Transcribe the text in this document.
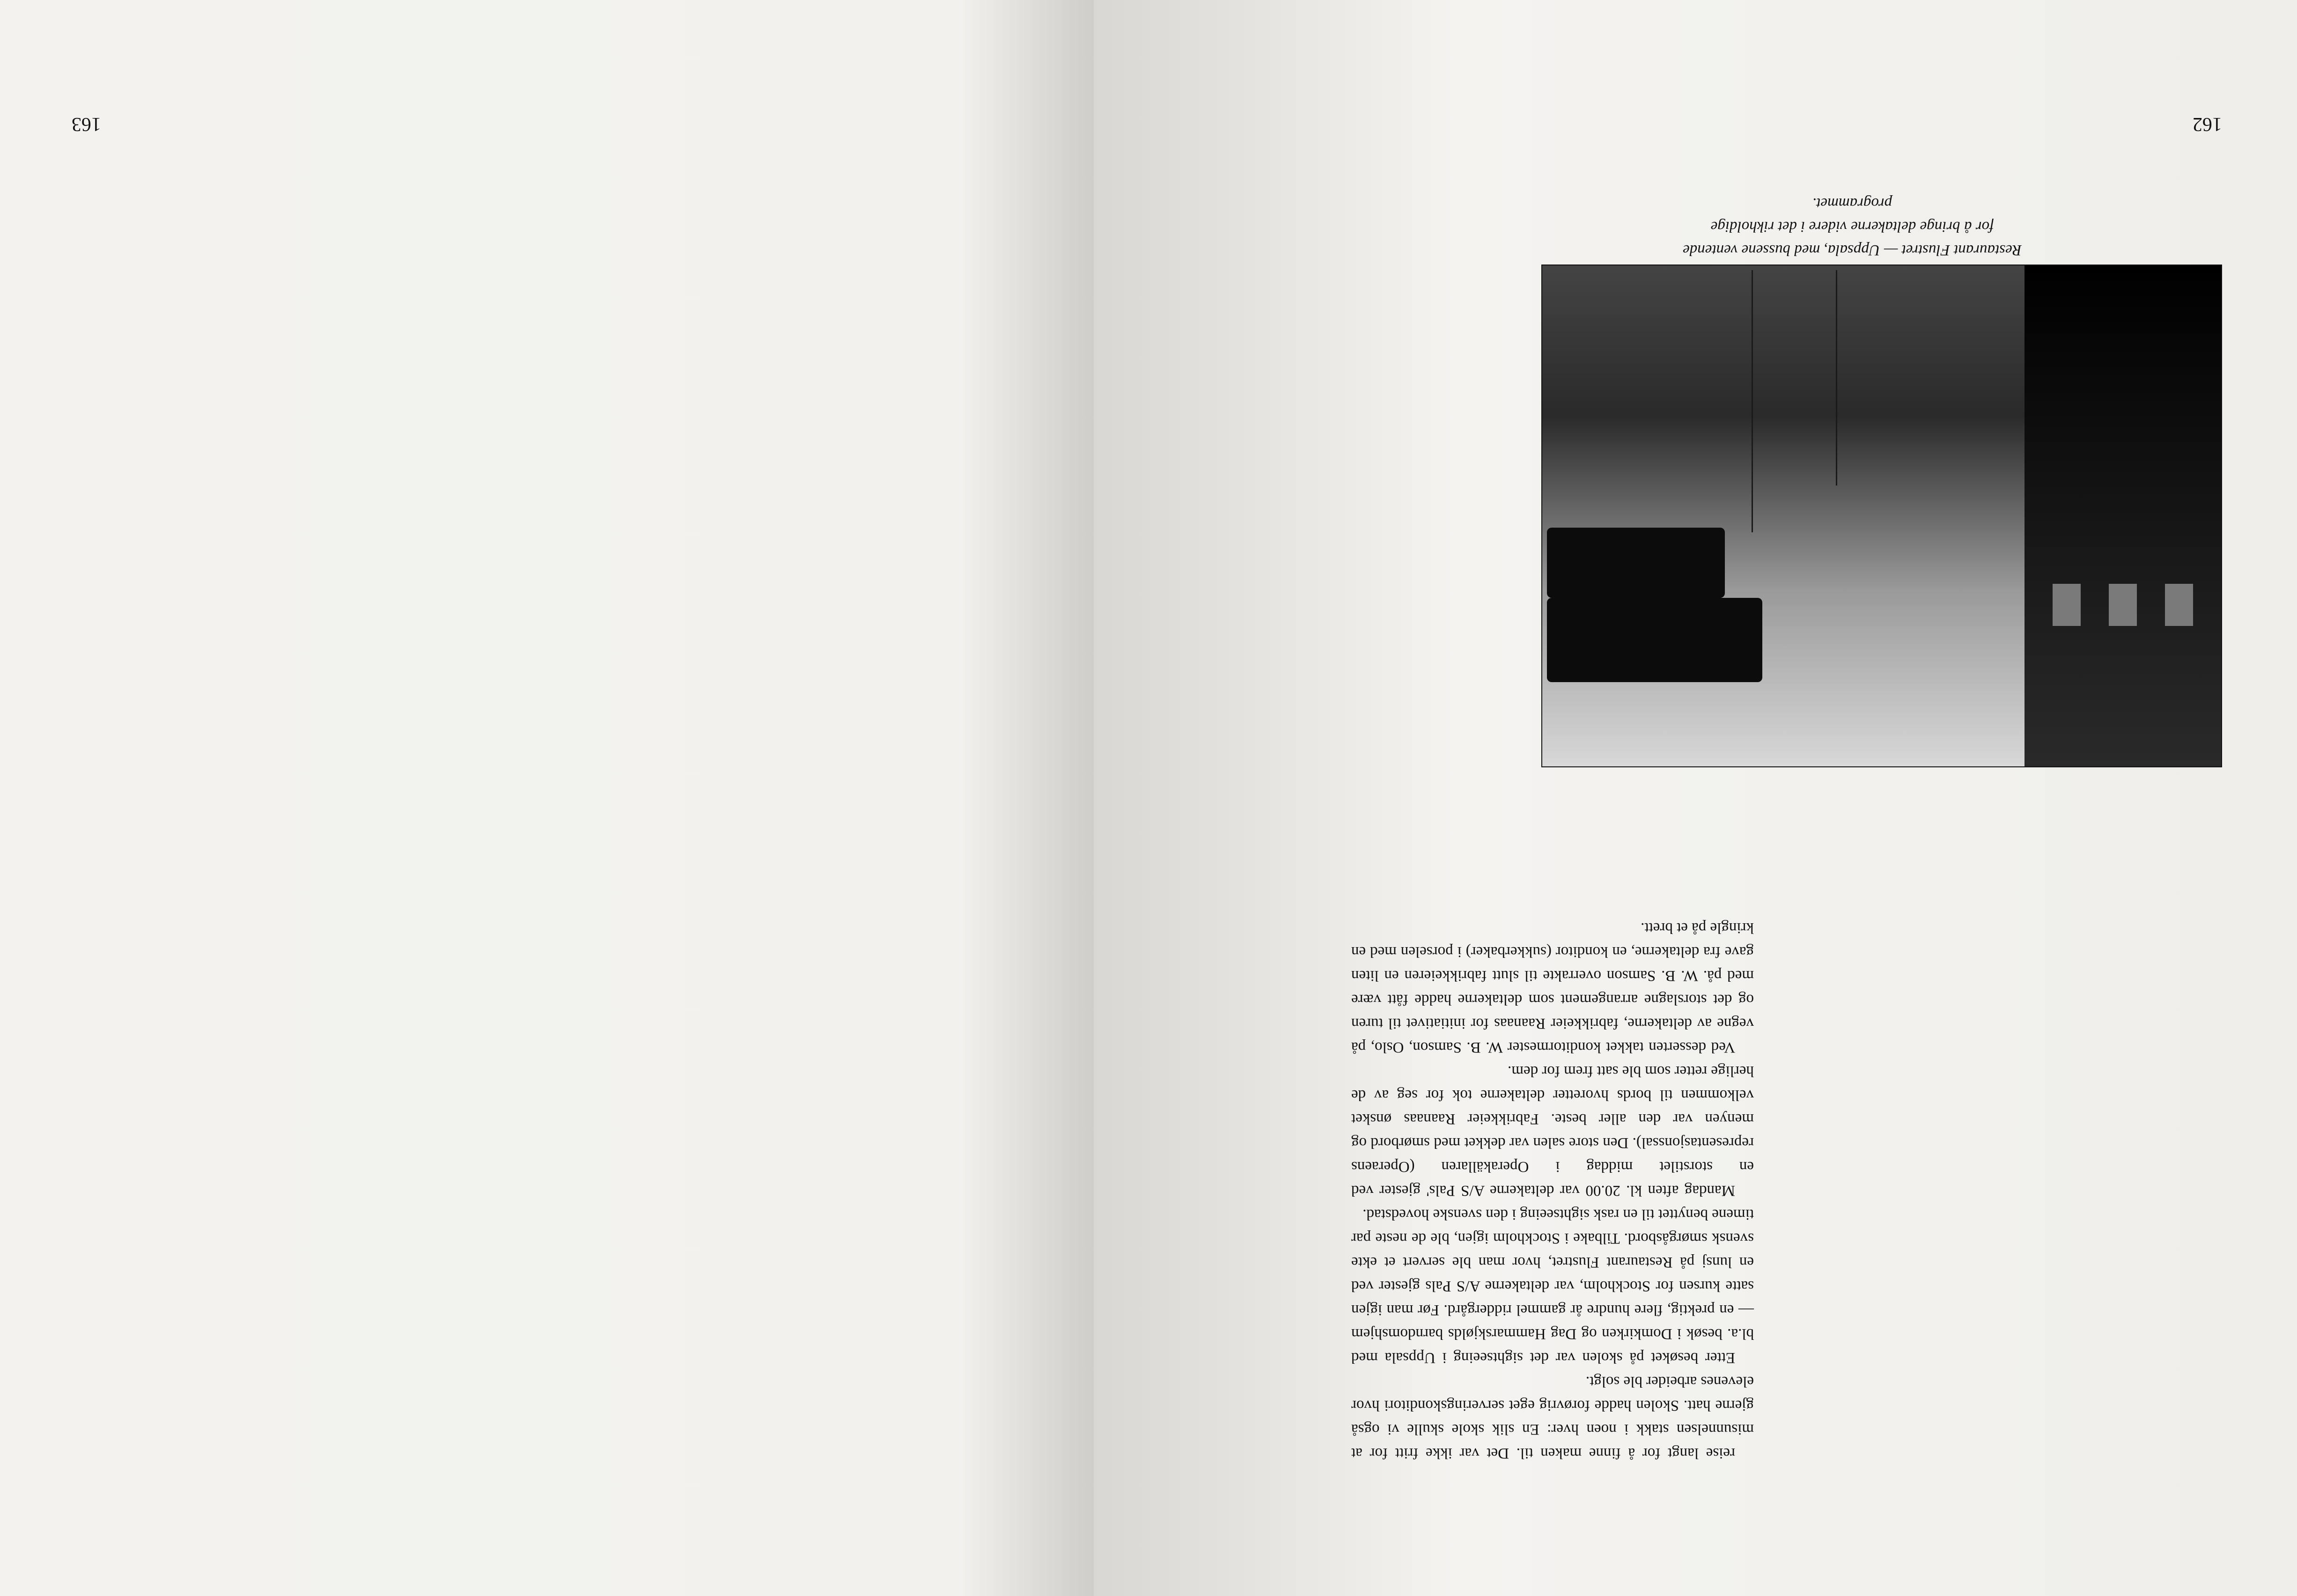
162
Restaurant Flustret — Uppsala, med bussene ventende
for å bringe deltakerne videre i det rikholdige
programmet.

reise langt for å finne maken til. Det var ikke fritt for at misunnelsen stakk i noen hver: En slik skole skulle vi også gjerne hatt. Skolen hadde forøvrig eget serveringskonditori hvor elevenes arbeider ble solgt.

Etter besøket på skolen var det sightseeing i Uppsala med bl.a. besøk i Domkirken og Dag Hammarskjølds barndomshjem — en prektig, flere hundre år gammel riddergård. Før man igjen satte kursen for Stockholm, var deltakerne A/S Pals gjester ved en lunsj på Restaurant Flustret, hvor man ble servert et ekte svensk smørgåsbord. Tilbake i Stockholm igjen, ble de neste par timene benyttet til en rask sightseeing i den svenske hovedstad.

Mandag aften kl. 20.00 var deltakerne A/S Pals' gjester ved en storstilet middag i Operakällaren (Operaens representasjonssal). Den store salen var dekket med smørbord og menyen var den aller beste. Fabrikkeier Raanaas ønsket velkommen til bords hvoretter deltakerne tok for seg av de herlige retter som ble satt frem for dem.

Ved desserten takket konditormester W. B. Samson, Oslo, på vegne av deltakerne, fabrikkeier Raanaas for initiativet til turen og det storslagne arrangement som deltakerne hadde fått være med på. W. B. Samson overrakte til slutt fabrikkeieren en liten gave fra deltakerne, en konditor (sukkerbaker) i porselen med en kringle på et brett.

163
